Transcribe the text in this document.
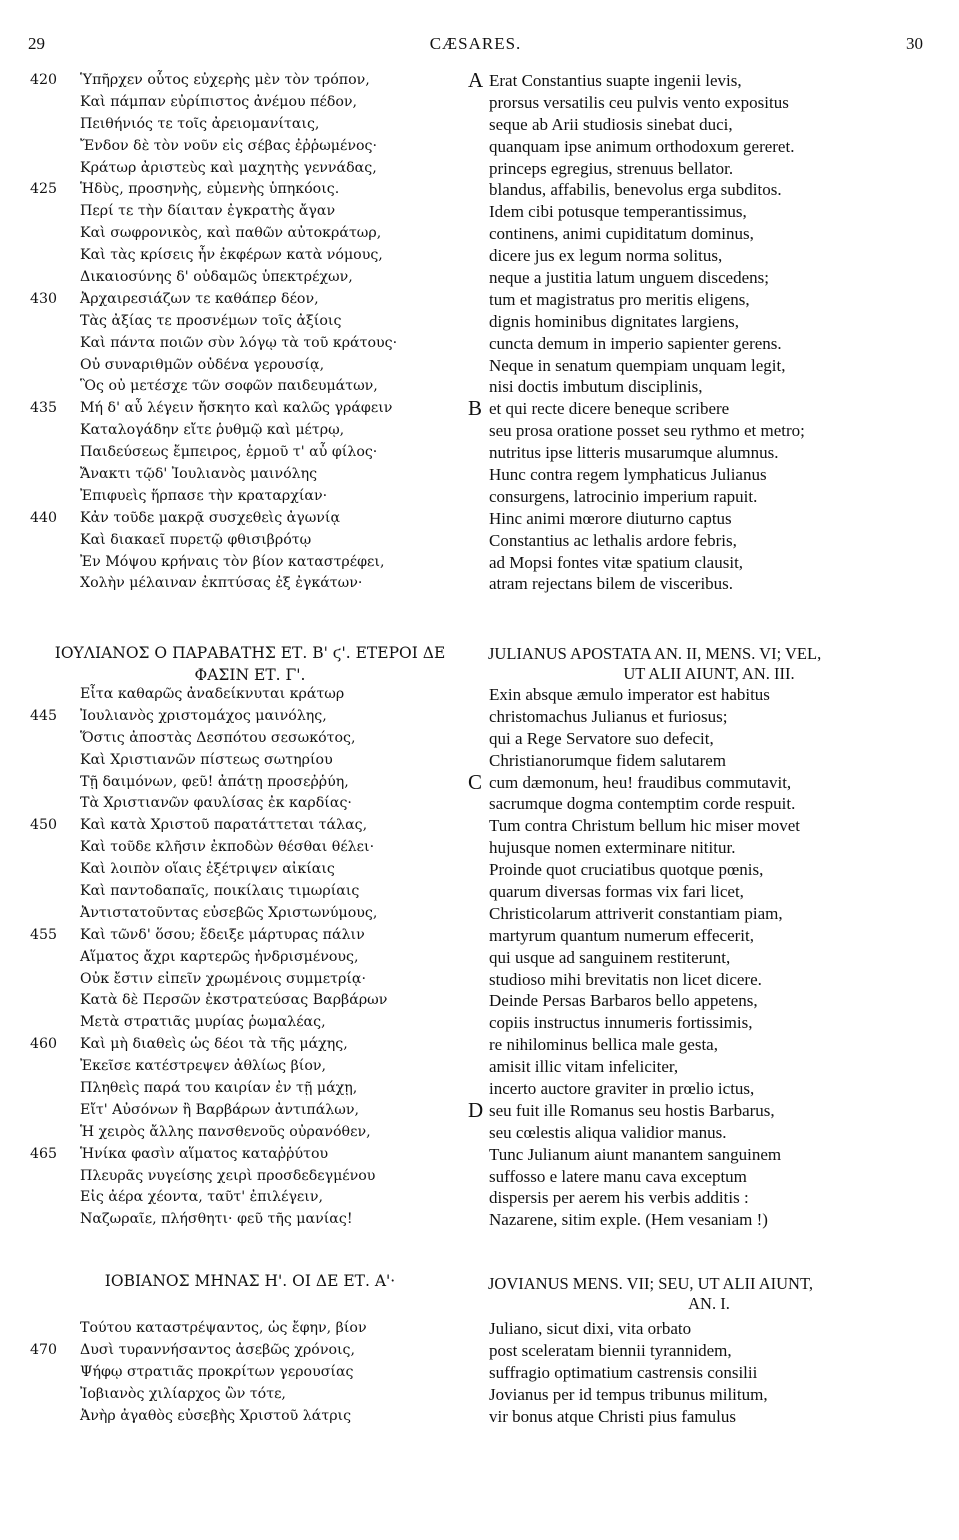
29	CÆSARES.	30
420	Ὑπῆρχεν οὗτος εὐχερὴς μὲν τὸν τρόπον,
Καὶ πάμπαν εὐρίπιστος ἀνέμου πέδον,
Πειθήνιός τε τοῖς ἀρειομανίταις,
Ἔνδον δὲ τὸν νοῦν εἰς σέβας ἐῤῥωμένος·
Κράτωρ ἀριστεὺς καὶ μαχητὴς γεννάδας,
425	Ἡδὺς, προσηνὴς, εὐμενὴς ὑπηκόοις.
Περί τε τὴν δίαιταν ἐγκρατὴς ἄγαν
Καὶ σωφρονικὸς, καὶ παθῶν αὐτοκράτωρ,
Καὶ τὰς κρίσεις ἦν ἐκφέρων κατὰ νόμους,
Δικαιοσύνης δ' οὐδαμῶς ὑπεκτρέχων,
430	Ἀρχαιρεσιάζων τε καθάπερ δέον,
Τὰς ἀξίας τε προσνέμων τοῖς ἀξίοις
Καὶ πάντα ποιῶν σὺν λόγῳ τὰ τοῦ κράτους·
Οὐ συναριθμῶν οὐδένα γερουσίᾳ,
Ὃς οὐ μετέσχε τῶν σοφῶν παιδευμάτων,
435	Μή δ' αὖ λέγειν ἤσκητο καὶ καλῶς γράφειν
Καταλογάδην εἴτε ῥυθμῷ καὶ μέτρῳ,
Παιδεύσεως ἔμπειρος, ἑρμοῦ τ' αὖ φίλος·
Ἄνακτι τῷδ' Ἰουλιανὸς μαινόλης
Ἐπιφυεὶς ἥρπασε τὴν κραταρχίαν·
440	Κἀν τοῦδε μακρᾷ συσχεθεὶς ἀγωνίᾳ
Καὶ διακαεῖ πυρετῷ φθισιβρότῳ
Ἐν Μόψου κρήναις τὸν βίον καταστρέφει,
Χολὴν μέλαιναν ἐκπτύσας ἐξ ἐγκάτων·
ΙΟΥΛΙΑΝΟΣ Ο ΠΑΡΑΒΑΤΗΣ ΕΤ. Β' ϛ'. ΕΤΕΡΟΙ ΔΕ ΦΑΣΙΝ ΕΤ. Γ'.
Εἶτα καθαρῶς ἀναδείκνυται κράτωρ
445	Ἰουλιανὸς χριστομάχος μαινόλης,
Ὅστις ἀποστὰς Δεσπότου σεσωκότος,
Καὶ Χριστιανῶν πίστεως σωτηρίου
Τῇ δαιμόνων, φεῦ! ἀπάτῃ προσεῤῥύη,
Τὰ Χριστιανῶν φαυλίσας ἐκ καρδίας·
450	Καὶ κατὰ Χριστοῦ παρατάττεται τάλας,
Καὶ τοῦδε κλῆσιν ἐκποδὼν θέσθαι θέλει·
Καὶ λοιπὸν οἵαις ἐξέτριψεν αἰκίαις
Καὶ παντοδαπαῖς, ποικίλαις τιμωρίαις
Ἀντιστατοῦντας εὐσεβῶς Χριστωνύμους,
455	Καὶ τῶνδ' ὅσου; ἔδειξε μάρτυρας πάλιν
Αἵματος ἄχρι καρτερῶς ἠνδρισμένους,
Οὐκ ἔστιν εἰπεῖν χρωμένοις συμμετρίᾳ·
Κατὰ δὲ Περσῶν ἐκστρατεύσας Βαρβάρων
Μετὰ στρατιᾶς μυρίας ῥωμαλέας,
460	Καὶ μὴ διαθεὶς ὡς δέοι τὰ τῆς μάχης,
Ἐκεῖσε κατέστρεψεν ἀθλίως βίον,
Πληθεὶς παρά του καιρίαν ἐν τῇ μάχῃ,
Εἴτ' Αὐσόνων ἢ Βαρβάρων ἀντιπάλων,
Ἡ χειρὸς ἄλλης πανσθενοῦς οὐρανόθεν,
465	Ἡνίκα φασὶν αἵματος καταῤῥύτου
Πλευρᾶς νυγείσης χειρὶ προσδεδεγμένου
Εἰς ἀέρα χέοντα, ταῦτ' ἐπιλέγειν,
Ναζωραῖε, πλήσθητι· φεῦ τῆς μανίας!
ΙΟΒΙΑΝΟΣ ΜΗΝΑΣ Η'. ΟΙ ΔΕ ΕΤ. Α'·
Τούτου καταστρέψαντος, ὡς ἔφην, βίον
470	Δυσὶ τυραννήσαντος ἀσεβῶς χρόνοις,
Ψήφῳ στρατιᾶς προκρίτων γερουσίας
Ἰοβιανὸς χιλίαρχος ὢν τότε,
Ἀνὴρ ἀγαθὸς εὐσεβὴς Χριστοῦ λάτρις
A Erat Constantius suapte ingenii levis,
prorsus versatilis ceu pulvis vento expositus
seque ab Arii studiosis sinebat duci,
quanquam ipse animum orthodoxum gereret.
princeps egregius, strenuus bellator.
blandus, affabilis, benevolus erga subditos.
Idem cibi potusque temperantissimus,
continens, animi cupiditatum dominus,
dicere jus ex legum norma solitus,
neque a justitia latum unguem discedens;
tum et magistratus pro meritis eligens,
dignis hominibus dignitates largiens,
cuncta demum in imperio sapienter gerens.
Neque in senatum quempiam unquam legit,
nisi doctis imbutum disciplinis,
B et qui recte dicere beneque scribere
seu prosa oratione posset seu rythmo et metro;
nutritus ipse litteris musarumque alumnus.
Hunc contra regem lymphaticus Julianus
consurgens, latrocinio imperium rapuit.
Hinc animi mœrore diuturno captus
Constantius ac lethalis ardore febris,
ad Mopsi fontes vitæ spatium clausit,
atram rejectans bilem de visceribus.
JULIANUS APOSTATA AN. II, MENS. VI; VEL,
UT ALII AIUNT, AN. III.
Exin absque æmulo imperator est habitus
christomachus Julianus et furiosus;
qui a Rege Servatore suo defecit,
Christianorumque fidem salutarem
C cum dæmonum, heu! fraudibus commutavit,
sacrumque dogma contemptim corde respuit.
Tum contra Christum bellum hic miser movet
hujusque nomen exterminare nititur.
Proinde quot cruciatibus quotque pœnis,
quarum diversas formas vix fari licet,
Christicolarum attriverit constantiam piam,
martyrum quantum numerum effecerit,
qui usque ad sanguinem restiterunt,
studioso mihi brevitatis non licet dicere.
Deinde Persas Barbaros bello appetens,
copiis instructus innumeris fortissimis,
re nihilominus bellica male gesta,
amisit illic vitam infeliciter,
incerto auctore graviter in prœlio ictus,
D seu fuit ille Romanus seu hostis Barbarus,
seu cœlestis aliqua validior manus.
Tunc Julianum aiunt manantem sanguinem
suffosso e latere manu cava exceptum
dispersis per aerem his verbis additis :
Nazarene, sitim exple. (Hem vesaniam !)
JOVIANUS MENS. VII; SEU, UT ALII AIUNT,
AN. I.
Juliano, sicut dixi, vita orbato
post sceleratam biennii tyrannidem,
suffragio optimatium castrensis consilii
Jovianus per id tempus tribunus militum,
vir bonus atque Christi pius famulus
